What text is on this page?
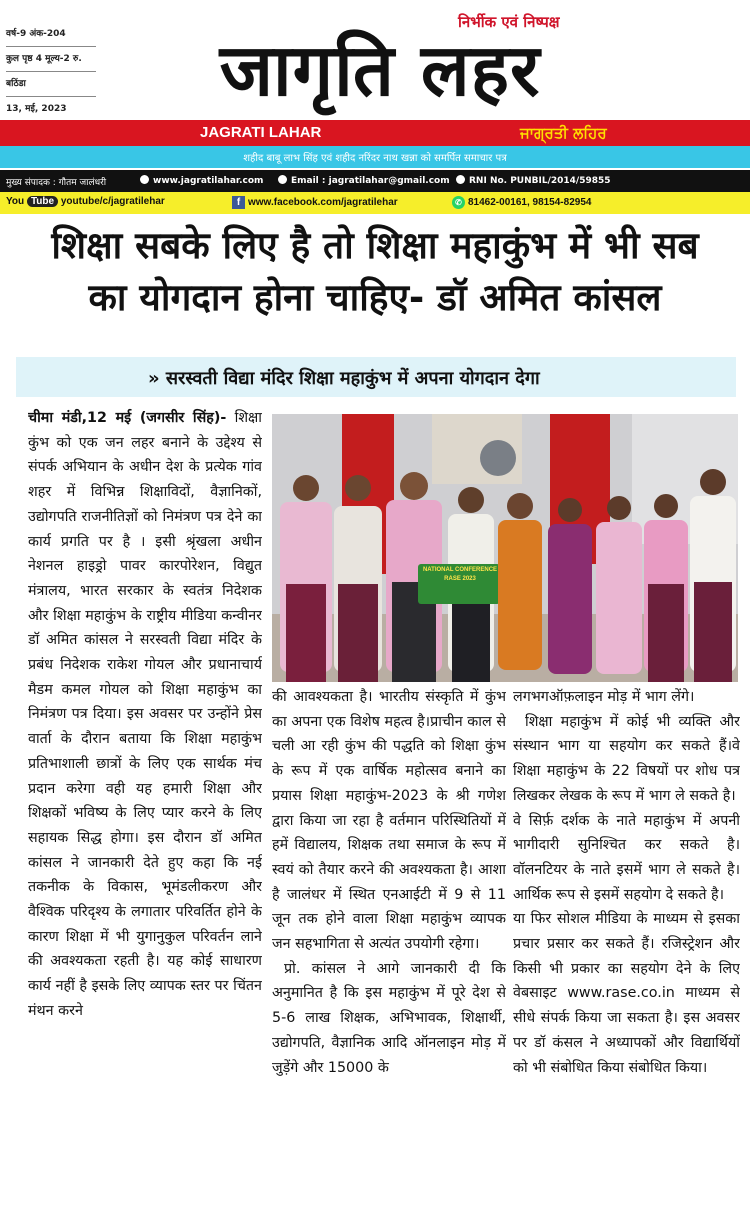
वर्ष-9 अंक-204
कुल पृष्ठ 4 मूल्य-2 रु.
बठिंडा
13, मई, 2023
निर्भीक एवं निष्पक्ष
जागृति लहर
JAGRATI LAHAR	ਜਾਗ੍ਰਤੀ ਲਹਿਰ
शहीद बाबू लाभ सिंह एवं शहीद नरिंदर नाथ खन्ना को समर्पित समाचार पत्र
मुख्य संपादक : गौतम जालंधरी	www.jagratilahar.com	Email : jagratilahar@gmail.com	RNI No. PUNBIL/2014/59855
You Tube youtube/c/jagratilehar	f www.facebook.com/jagratilehar	✆ 81462-00161, 98154-82954
शिक्षा सबके लिए है तो शिक्षा महाकुंभ में भी सब
का योगदान होना चाहिए- डॉ अमित कांसल
» सरस्वती विद्या मंदिर शिक्षा महाकुंभ में अपना योगदान देगा
NATIONAL CONFERENCE
RASE 2023

चीमा मंडी,12 मई (जगसीर सिंह)- शिक्षा कुंभ को एक जन लहर बनाने के उद्देश्य से संपर्क अभियान के अधीन देश के प्रत्येक गांव शहर में विभिन्न शिक्षाविदों, वैज्ञानिकों, उद्योगपति राजनीतिज्ञों को निमंत्रण पत्र देने का कार्य प्रगति पर है । इसी श्रृंखला अधीन नेशनल हाइड्रो पावर कारपोरेशन, विद्युत मंत्रालय, भारत सरकार के स्वतंत्र निदेशक और शिक्षा महाकुंभ के राष्ट्रीय मीडिया कन्वीनर डॉ अमित कांसल ने सरस्वती विद्या मंदिर के प्रबंध निदेशक राकेश गोयल और प्रधानाचार्य मैडम कमल गोयल को शिक्षा महाकुंभ का निमंत्रण पत्र दिया। इस अवसर पर उन्होंने प्रेस वार्ता के दौरान बताया कि शिक्षा महाकुंभ प्रतिभाशाली छात्रों के लिए एक सार्थक मंच प्रदान करेगा वही यह हमारी शिक्षा और शिक्षकों भविष्य के लिए प्यार करने के लिए सहायक सिद्ध होगा। इस दौरान डॉ अमित कांसल ने जानकारी देते हुए कहा कि नई तकनीक के विकास, भूमंडलीकरण और वैश्विक परिदृश्य के लगातार परिवर्तित होने के कारण शिक्षा में भी युगानुकुल परिवर्तन लाने की अवश्यकता रहती है। यह कोई साधारण कार्य नहीं है इसके लिए व्यापक स्तर पर चिंतन मंथन करने

की आवश्यकता है। भारतीय संस्कृति में कुंभ का अपना एक विशेष महत्व है।प्राचीन काल से चली आ रही कुंभ की पद्धति को शिक्षा कुंभ के रूप में एक वार्षिक महोत्सव बनाने का प्रयास शिक्षा महाकुंभ-2023 के श्री गणेश द्वारा किया जा रहा है वर्तमान परिस्थितियों में हमें विद्यालय, शिक्षक तथा समाज के रूप में स्वयं को तैयार करने की अवश्यकता है। आशा है जालंधर में स्थित एनआईटी में 9 से 11 जून तक होने वाला शिक्षा महाकुंभ व्यापक जन सहभागिता से अत्यंत उपयोगी रहेगा।

प्रो. कांसल ने आगे जानकारी दी कि अनुमानित है कि इस महाकुंभ में पूरे देश से 5-6 लाख शिक्षक, अभिभावक, शिक्षार्थी, उद्योगपति, वैज्ञानिक आदि ऑनलाइन मोड़ में जुड़ेंगे और 15000 के

लगभगऑफ़लाइन मोड़ में भाग लेंगे।

शिक्षा महाकुंभ में कोई भी व्यक्ति और संस्थान भाग या सहयोग कर सकते हैं।वे शिक्षा महाकुंभ के 22 विषयों पर शोध पत्र लिखकर लेखक के रूप में भाग ले सकते है।

वे सिर्फ़ दर्शक के नाते महाकुंभ में अपनी भागीदारी सुनिश्चित कर सकते है। वॉलनटियर के नाते इसमें भाग ले सकते है।आर्थिक रूप से इसमें सहयोग दे सकते है।

या फिर सोशल मीडिया के माध्यम से इसका प्रचार प्रसार कर सकते हैं। रजिस्ट्रेशन और किसी भी प्रकार का सहयोग देने के लिए वेबसाइट www.rase.co.in माध्यम से सीधे संपर्क किया जा सकता है। इस अवसर पर डॉ कंसल ने अध्यापकों और विद्यार्थियों को भी संबोधित किया संबोधित किया।
